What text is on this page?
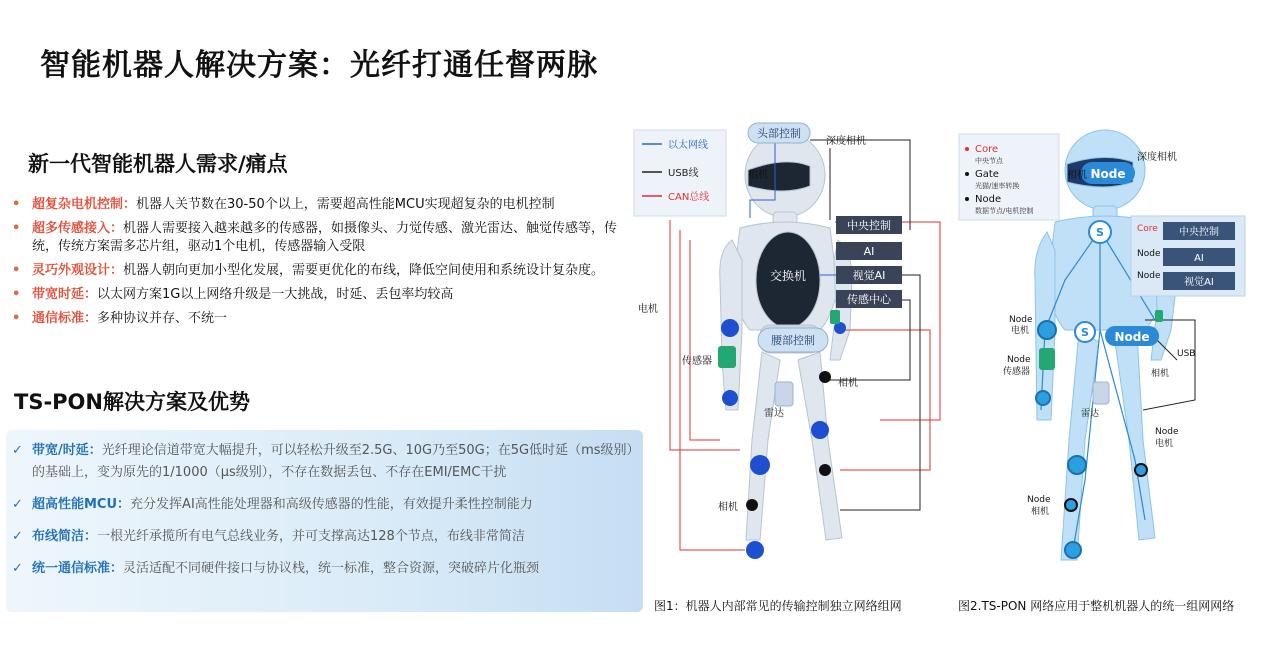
智能机器人解决方案：光纤打通任督两脉
新一代智能机器人需求/痛点
• 超复杂电机控制：机器人关节数在30-50个以上，需要超高性能MCU实现超复杂的电机控制
• 超多传感接入：机器人需要接入越来越多的传感器，如摄像头、力觉传感、激光雷达、触觉传感等，传统，传统方案需多芯片组，驱动1个电机，传感器输入受限
• 灵巧外观设计：机器人朝向更加小型化发展，需要更优化的布线，降低空间使用和系统设计复杂度。
• 带宽时延：以太网方案1G以上网络升级是一大挑战，时延、丢包率均较高
• 通信标准：多种协议并存、不统一
TS-PON解决方案及优势
✓ 带宽/时延：光纤理论信道带宽大幅提升，可以轻松升级至2.5G、10G乃至50G；在5G低时延（ms级别）的基础上，变为原先的1/1000（μs级别），不存在数据丢包、不存在EMI/EMC干扰
✓ 超高性能MCU：充分发挥AI高性能处理器和高级传感器的性能，有效提升柔性控制能力
✓ 布线简洁：一根光纤承揽所有电气总线业务，并可支撑高达128个节点，布线非常简洁
✓ 统一通信标准：灵活适配不同硬件接口与协议栈，统一标准，整合资源，突破碎片化瓶颈
以太网线
USB线
CAN总线
头部控制
深度相机
相机
中央控制
AI
视觉AI
传感中心
交换机
腰部控制
电机
传感器
相机
雷达
相机
Core
中央节点
Gate
光猫/速率转换
Node
数据节点/电机控制
Core 中央控制
Node	AI
Node
视觉AI
Node
深度相机
相机
S
S Node
Node
电机
Node
传感器
USB
相机
雷达
Node
电机
Node
相机
图1：机器人内部常见的传输控制独立网络组网	图2.TS-PON 网络应用于整机机器人的统一组网网络
